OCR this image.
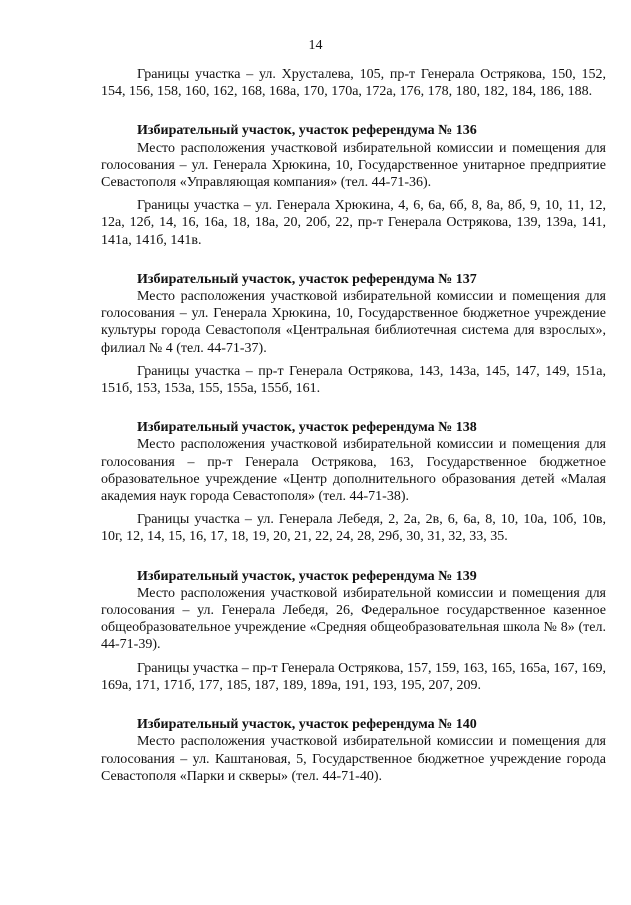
14

Границы участка – ул. Хрусталева, 105, пр-т Генерала Острякова, 150, 152, 154, 156, 158, 160, 162, 168, 168а, 170, 170а, 172а, 176, 178, 180, 182, 184, 186, 188.

Избирательный участок, участок референдума № 136

Место расположения участковой избирательной комиссии и помещения для голосования – ул. Генерала Хрюкина, 10, Государственное унитарное предприятие Севастополя «Управляющая компания» (тел. 44-71-36).

Границы участка – ул. Генерала Хрюкина, 4, 6, 6а, 6б, 8, 8а, 8б, 9, 10, 11, 12, 12а, 12б, 14, 16, 16а, 18, 18а, 20, 20б, 22, пр-т Генерала Острякова, 139, 139а, 141, 141а, 141б, 141в.

Избирательный участок, участок референдума № 137

Место расположения участковой избирательной комиссии и помещения для голосования – ул. Генерала Хрюкина, 10, Государственное бюджетное учреждение культуры города Севастополя «Центральная библиотечная система для взрослых», филиал № 4 (тел. 44-71-37).

Границы участка – пр-т Генерала Острякова, 143, 143а, 145, 147, 149, 151а, 151б, 153, 153а, 155, 155а, 155б, 161.

Избирательный участок, участок референдума № 138

Место расположения участковой избирательной комиссии и помещения для голосования – пр-т Генерала Острякова, 163, Государственное бюджетное образовательное учреждение «Центр дополнительного образования детей «Малая академия наук города Севастополя» (тел. 44-71-38).

Границы участка – ул. Генерала Лебедя, 2, 2а, 2в, 6, 6а, 8, 10, 10а, 10б, 10в, 10г, 12, 14, 15, 16, 17, 18, 19, 20, 21, 22, 24, 28, 29б, 30, 31, 32, 33, 35.

Избирательный участок, участок референдума № 139

Место расположения участковой избирательной комиссии и помещения для голосования – ул. Генерала Лебедя, 26, Федеральное государственное казенное общеобразовательное учреждение «Средняя общеобразовательная школа № 8» (тел. 44-71-39).

Границы участка – пр-т Генерала Острякова, 157, 159, 163, 165, 165а, 167, 169, 169а, 171, 171б, 177, 185, 187, 189, 189а, 191, 193, 195, 207, 209.

Избирательный участок, участок референдума № 140

Место расположения участковой избирательной комиссии и помещения для голосования – ул. Каштановая, 5, Государственное бюджетное учреждение города Севастополя «Парки и скверы» (тел. 44-71-40).
